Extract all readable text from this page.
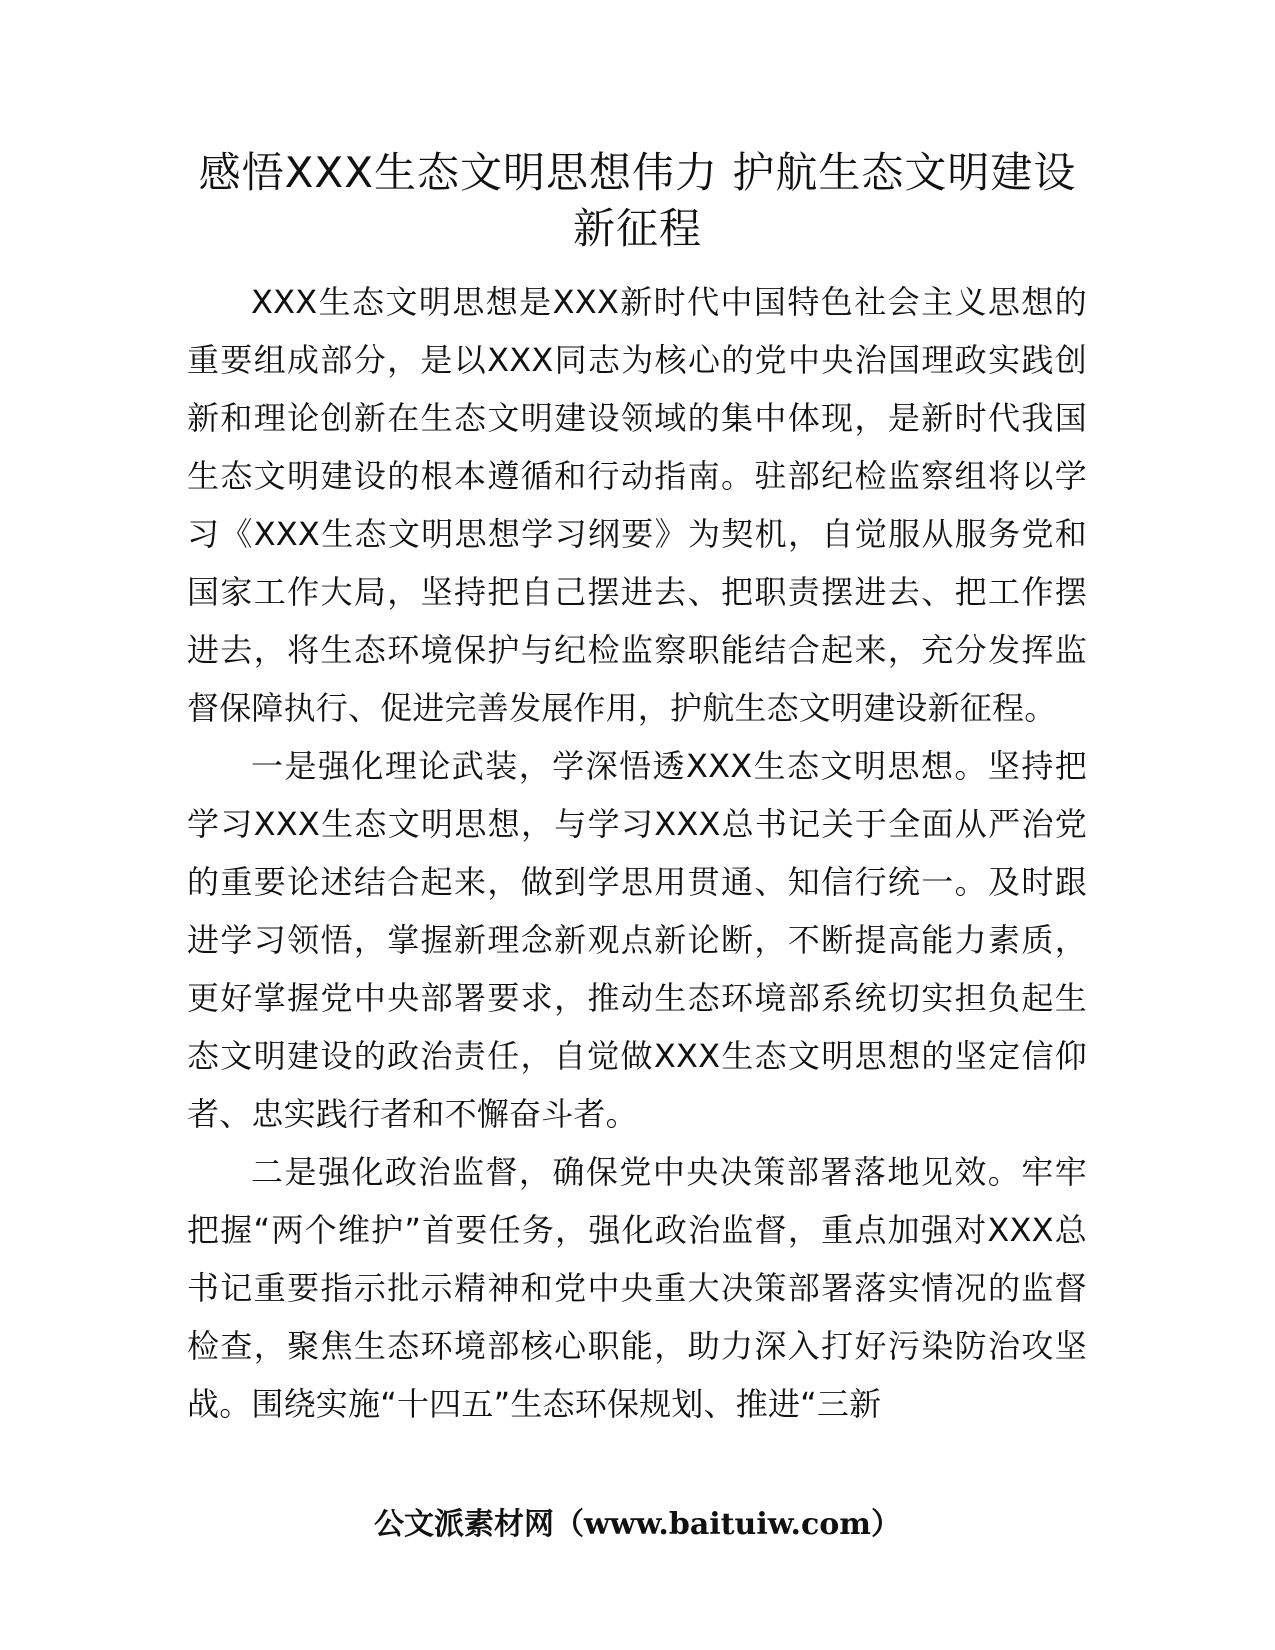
感悟XXX生态文明思想伟力 护航生态文明建设新征程

XXX生态文明思想是XXX新时代中国特色社会主义思想的重要组成部分，是以XXX同志为核心的党中央治国理政实践创新和理论创新在生态文明建设领域的集中体现，是新时代我国生态文明建设的根本遵循和行动指南。驻部纪检监察组将以学习《XXX生态文明思想学习纲要》为契机，自觉服从服务党和国家工作大局，坚持把自己摆进去、把职责摆进去、把工作摆进去，将生态环境保护与纪检监察职能结合起来，充分发挥监督保障执行、促进完善发展作用，护航生态文明建设新征程。

一是强化理论武装，学深悟透XXX生态文明思想。坚持把学习XXX生态文明思想，与学习XXX总书记关于全面从严治党的重要论述结合起来，做到学思用贯通、知信行统一。及时跟进学习领悟，掌握新理念新观点新论断，不断提高能力素质，更好掌握党中央部署要求，推动生态环境部系统切实担负起生态文明建设的政治责任，自觉做XXX生态文明思想的坚定信仰者、忠实践行者和不懈奋斗者。

二是强化政治监督，确保党中央决策部署落地见效。牢牢把握“两个维护”首要任务，强化政治监督，重点加强对XXX总书记重要指示批示精神和党中央重大决策部署落实情况的监督检查，聚焦生态环境部核心职能，助力深入打好污染防治攻坚战。围绕实施“十四五”生态环保规划、推进“三新

公文派素材网（www.baituiw.com）
